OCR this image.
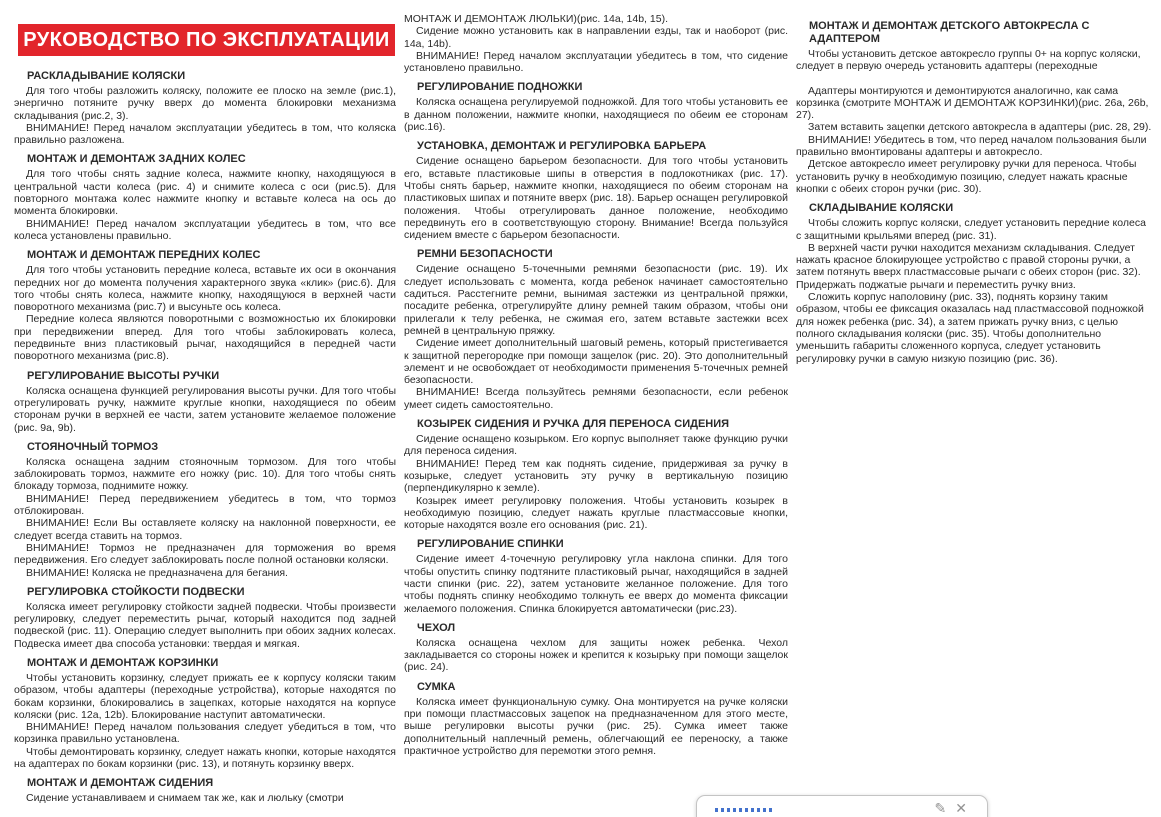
РУКОВОДСТВО ПО ЭКСПЛУАТАЦИИ
РАСКЛАДЫВАНИЕ КОЛЯСКИ
Для того чтобы разложить коляску, положите ее плоско на земле (рис.1), энергично потяните ручку вверх до момента блокировки механизма складывания (рис.2, 3).
ВНИМАНИЕ! Перед началом эксплуатации убедитесь в том, что коляска правильно разложена.
МОНТАЖ И ДЕМОНТАЖ ЗАДНИХ КОЛЕС
Для того чтобы снять задние колеса, нажмите кнопку, находящуюся в центральной части колеса (рис. 4) и снимите колеса с оси (рис.5). Для повторного монтажа колес нажмите кнопку и вставьте колеса на ось до момента блокировки.
ВНИМАНИЕ! Перед началом эксплуатации убедитесь в том, что все колеса установлены правильно.
МОНТАЖ И ДЕМОНТАЖ ПЕРЕДНИХ КОЛЕС
Для того чтобы установить передние колеса, вставьте их оси в окончания передних ног до момента получения характерного звука «клик» (рис.6). Для того чтобы снять колеса, нажмите кнопку, находящуюся в верхней части поворотного механизма (рис.7) и высуньте ось колеса.
Передние колеса являются поворотными с возможностью их блокировки при передвижении вперед. Для того чтобы заблокировать колеса, передвиньте вниз пластиковый рычаг, находящийся в передней части поворотного механизма (рис.8).
РЕГУЛИРОВАНИЕ ВЫСОТЫ РУЧКИ
Коляска оснащена функцией регулирования высоты ручки. Для того чтобы отрегулировать ручку, нажмите круглые кнопки, находящиеся по обеим сторонам ручки в верхней ее части, затем установите желаемое положение (рис. 9a, 9b).
СТОЯНОЧНЫЙ ТОРМОЗ
Коляска оснащена задним стояночным тормозом. Для того чтобы заблокировать тормоз, нажмите его ножку (рис. 10). Для того чтобы снять блокаду тормоза, поднимите ножку.
ВНИМАНИЕ! Перед передвижением убедитесь в том, что тормоз отблокирован.
ВНИМАНИЕ! Если Вы оставляете коляску на наклонной поверхности, ее следует всегда ставить на тормоз.
ВНИМАНИЕ! Тормоз не предназначен для торможения во время передвижения. Его следует заблокировать после полной остановки коляски.
ВНИМАНИЕ! Коляска не предназначена для бегания.
РЕГУЛИРОВКА СТОЙКОСТИ ПОДВЕСКИ
Коляска имеет регулировку стойкости задней подвески. Чтобы произвести регулировку, следует переместить рычаг, который находится под задней подвеской (рис. 11). Операцию следует выполнить при обоих задних колесах. Подвеска имеет два способа установки: твердая и мягкая.
МОНТАЖ И ДЕМОНТАЖ КОРЗИНКИ
Чтобы установить корзинку, следует прижать ее к корпусу коляски таким образом, чтобы адаптеры (переходные устройства), которые находятся по бокам корзинки, блокировались в зацепках, которые находятся на корпусе коляски (рис. 12a, 12b). Блокирование наступит автоматически.
ВНИМАНИЕ! Перед началом пользования следует убедиться в том, что корзинка правильно установлена.
Чтобы демонтировать корзинку, следует нажать кнопки, которые находятся на адаптерах по бокам корзинки (рис. 13), и потянуть корзинку вверх.
МОНТАЖ И ДЕМОНТАЖ СИДЕНИЯ
Сидение устанавливаем и снимаем так же, как и люльку (смотри
МОНТАЖ И ДЕМОНТАЖ ЛЮЛЬКИ)(рис. 14a, 14b, 15).
Сидение можно установить как в направлении езды, так и наоборот (рис. 14a, 14b).
ВНИМАНИЕ! Перед началом эксплуатации убедитесь в том, что сидение установлено правильно.
РЕГУЛИРОВАНИЕ ПОДНОЖКИ
Коляска оснащена регулируемой подножкой. Для того чтобы установить ее в данном положении, нажмите кнопки, находящиеся по обеим ее сторонам (рис.16).
УСТАНОВКА, ДЕМОНТАЖ И РЕГУЛИРОВКА БАРЬЕРА
Сидение оснащено барьером безопасности. Для того чтобы установить его, вставьте пластиковые шипы в отверстия в подлокотниках (рис. 17). Чтобы снять барьер, нажмите кнопки, находящиеся по обеим сторонам на пластиковых шипах и потяните вверх (рис. 18). Барьер оснащен регулировкой положения. Чтобы отрегулировать данное положение, необходимо передвинуть его в соответствующую сторону. Внимание! Всегда пользуйся сидением вместе с барьером безопасности.
РЕМНИ БЕЗОПАСНОСТИ
Сидение оснащено 5-точечными ремнями безопасности (рис. 19). Их следует использовать с момента, когда ребенок начинает самостоятельно садиться. Расстегните ремни, вынимая застежки из центральной пряжки, посадите ребенка, отрегулируйте длину ремней таким образом, чтобы они прилегали к телу ребенка, не сжимая его, затем вставьте застежки всех ремней в центральную пряжку.
Сидение имеет дополнительный шаговый ремень, который пристегивается к защитной перегородке при помощи защелок (рис. 20). Это дополнительный элемент и не освобождает от необходимости применения 5-точечных ремней безопасности.
ВНИМАНИЕ! Всегда пользуйтесь ремнями безопасности, если ребенок умеет сидеть самостоятельно.
КОЗЫРЕК СИДЕНИЯ И РУЧКА ДЛЯ ПЕРЕНОСА СИДЕНИЯ
Сидение оснащено козырьком. Его корпус выполняет также функцию ручки для переноса сидения.
ВНИМАНИЕ! Перед тем как поднять сидение, придерживая за ручку в козырьке, следует установить эту ручку в вертикальную позицию (перпендикулярно к земле).
Козырек имеет регулировку положения. Чтобы установить козырек в необходимую позицию, следует нажать круглые пластмассовые кнопки, которые находятся возле его основания (рис. 21).
РЕГУЛИРОВАНИЕ СПИНКИ
Сидение имеет 4-точечную регулировку угла наклона спинки. Для того чтобы опустить спинку подтяните пластиковый рычаг, находящийся в задней части спинки (рис. 22), затем установите желанное положение. Для того чтобы поднять спинку необходимо толкнуть ее вверх до момента фиксации желаемого положения. Спинка блокируется автоматически (рис.23).
ЧЕХОЛ
Коляска оснащена чехлом для защиты ножек ребенка. Чехол закладывается со стороны ножек и крепится к козырьку при помощи защелок (рис. 24).
СУМКА
Коляска имеет функциональную сумку. Она монтируется на ручке коляски при помощи пластмассовых зацепок на предназначенном для этого месте, выше регулировки высоты ручки (рис. 25). Сумка имеет также дополнительный наплечный ремень, облегчающий ее переноску, а также практичное устройство для перемотки этого ремня.
МОНТАЖ И ДЕМОНТАЖ ДЕТСКОГО АВТОКРЕСЛА С АДАПТЕРОМ
Чтобы установить детское автокресло группы 0+ на корпус коляски, следует в первую очередь установить адаптеры (переходные
Адаптеры монтируются и демонтируются аналогично, как сама корзинка (смотрите МОНТАЖ И ДЕМОНТАЖ КОРЗИНКИ)(рис. 26a, 26b, 27).
Затем вставить зацепки детского автокресла в адаптеры (рис. 28, 29).
ВНИМАНИЕ! Убедитесь в том, что перед началом пользования были правильно вмонтированы адаптеры и автокресло.
Детское автокресло имеет регулировку ручки для переноса. Чтобы установить ручку в необходимую позицию, следует нажать красные кнопки с обеих сторон ручки (рис. 30).
СКЛАДЫВАНИЕ КОЛЯСКИ
Чтобы сложить корпус коляски, следует установить передние колеса с защитными крыльями вперед (рис. 31).
В верхней части ручки находится механизм складывания. Следует нажать красное блокирующее устройство с правой стороны ручки, а затем потянуть вверх пластмассовые рычаги с обеих сторон (рис. 32). Придержать поджатые рычаги и переместить ручку вниз.
Сложить корпус наполовину (рис. 33), поднять корзину таким образом, чтобы ее фиксация оказалась над пластмассовой подножкой для ножек ребенка (рис. 34), а затем прижать ручку вниз, с целью полного складывания коляски (рис. 35). Чтобы дополнительно уменьшить габариты сложенного корпуса, следует установить регулировку ручки в самую низкую позицию (рис. 36).
✎ ✕
